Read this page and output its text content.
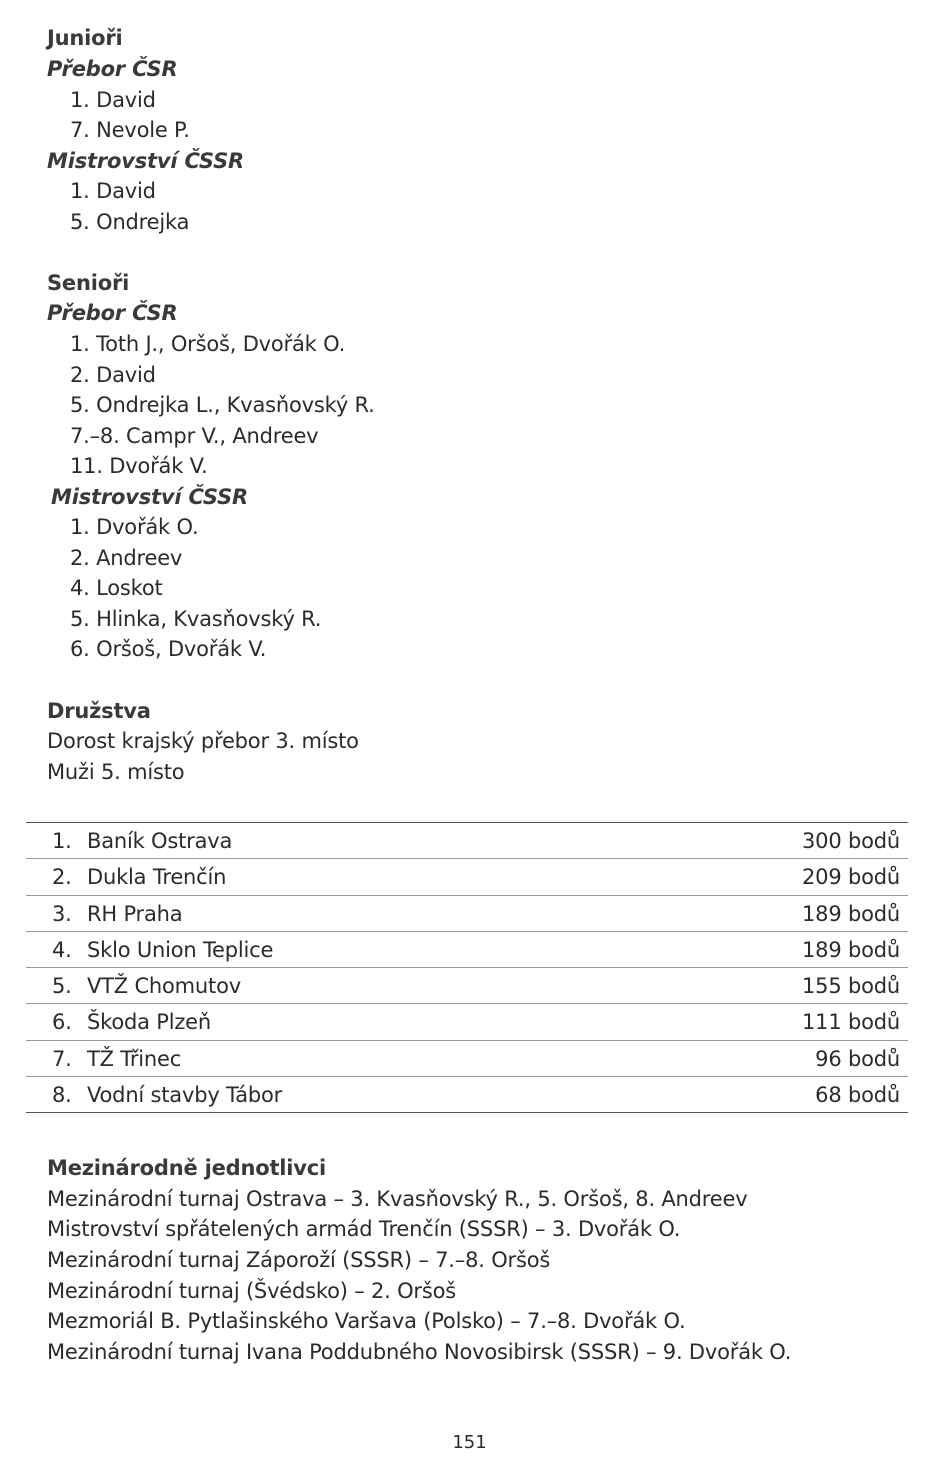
Junioři
Přebor ČSR
1. David
7. Nevole P.
Mistrovství ČSSR
1. David
5. Ondrejka
Senioři
Přebor ČSR
1. Toth J., Oršoš, Dvořák O.
2. David
5. Ondrejka L., Kvasňovský R.
7.–8. Campr V., Andreev
11. Dvořák V.
Mistrovství ČSSR
1. Dvořák O.
2. Andreev
4. Loskot
5. Hlinka, Kvasňovský R.
6. Oršoš, Dvořák V.
Družstva
Dorost krajský přebor 3. místo
Muži 5. místo
1. Baník Ostrava	300 bodů
2. Dukla Trenčín	209 bodů
3. RH Praha	189 bodů
4. Sklo Union Teplice	189 bodů
5. VTŽ Chomutov	155 bodů
6. Škoda Plzeň	111 bodů
7. TŽ Třinec	96 bodů
8. Vodní stavby Tábor	68 bodů
Mezinárodně jednotlivci
Mezinárodní turnaj Ostrava – 3. Kvasňovský R., 5. Oršoš, 8. Andreev
Mistrovství spřátelených armád Trenčín (SSSR) – 3. Dvořák O.
Mezinárodní turnaj Záporoží (SSSR) – 7.–8. Oršoš
Mezinárodní turnaj (Švédsko) – 2. Oršoš
Mezmoriál B. Pytlašinského Varšava (Polsko) – 7.–8. Dvořák O.
Mezinárodní turnaj Ivana Poddubného Novosibirsk (SSSR) – 9. Dvořák O.
151
